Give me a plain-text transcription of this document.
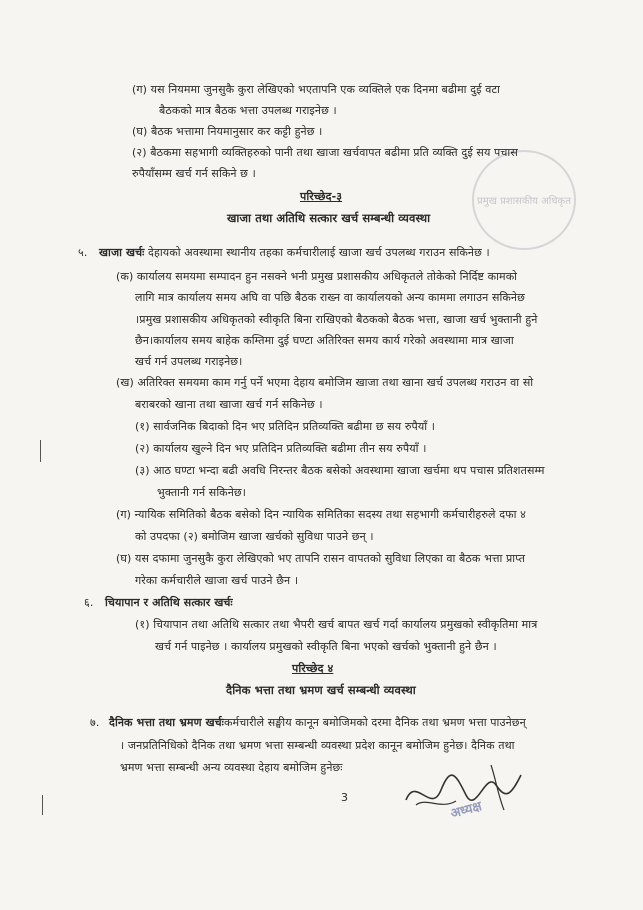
प्रमुख प्रशासकीय अधिकृत
(ग) यस नियममा जुनसुकै कुरा लेखिएको भएतापनि एक व्यक्तिले एक दिनमा बढीमा दुई वटा
बैठकको मात्र बैठक भत्ता उपलब्ध गराइनेछ ।
(घ) बैठक भत्तामा नियमानुसार कर कट्टी हुनेछ ।
(२) बैठकमा सहभागी व्यक्तिहरुको पानी तथा खाजा खर्चवापत बढीमा प्रति व्यक्ति दुई सय पचास
रुपैयाँसम्म खर्च गर्न सकिने छ ।
परिच्छेद-३
खाजा तथा अतिथि सत्कार खर्च सम्बन्धी व्यवस्था
५. खाजा खर्चः देहायको अवस्थामा स्थानीय तहका कर्मचारीलाई खाजा खर्च उपलब्ध गराउन सकिनेछ ।
(क) कार्यालय समयमा सम्पादन हुन नसक्ने भनी प्रमुख प्रशासकीय अधिकृतले तोकेको निर्दिष्ट कामको
लागि मात्र कार्यालय समय अघि वा पछि बैठक राख्न वा कार्यालयको अन्य काममा लगाउन सकिनेछ
।प्रमुख प्रशासकीय अधिकृतको स्वीकृति बिना राखिएको बैठकको बैठक भत्ता, खाजा खर्च भुक्तानी हुने
छैन।कार्यालय समय बाहेक कम्तिमा दुई घण्टा अतिरिक्त समय कार्य गरेको अवस्थामा मात्र खाजा
खर्च गर्न उपलब्ध गराइनेछ।
(ख) अतिरिक्त समयमा काम गर्नु पर्ने भएमा देहाय बमोजिम खाजा तथा खाना खर्च उपलब्ध गराउन वा सो
बराबरको खाना तथा खाजा खर्च गर्न सकिनेछ ।
(१) सार्वजनिक बिदाको दिन भए प्रतिदिन प्रतिव्यक्ति बढीमा छ सय रुपैयाँ ।
(२) कार्यालय खुल्ने दिन भए प्रतिदिन प्रतिव्यक्ति बढीमा तीन सय रुपैयाँ ।
(३) आठ घण्टा भन्दा बढी अवधि निरन्तर बैठक बसेको अवस्थामा खाजा खर्चमा थप पचास प्रतिशतसम्म
भुक्तानी गर्न सकिनेछ।
(ग) न्यायिक समितिको बैठक बसेको दिन न्यायिक समितिका सदस्य तथा सहभागी कर्मचारीहरुले दफा ४
को उपदफा (२) बमोजिम खाजा खर्चको सुविधा पाउने छन् ।
(घ) यस दफामा जुनसुकै कुरा लेखिएको भए तापनि रासन वापतको सुविधा लिएका वा बैठक भत्ता प्राप्त
गरेका कर्मचारीले खाजा खर्च पाउने छैन ।
६. चियापान र अतिथि सत्कार खर्चः
(१) चियापान तथा अतिथि सत्कार तथा भैपरी खर्च बापत खर्च गर्दा कार्यालय प्रमुखको स्वीकृतिमा मात्र
खर्च गर्न पाइनेछ । कार्यालय प्रमुखको स्वीकृति बिना भएको खर्चको भुक्तानी हुने छैन ।
परिच्छेद ४
दैनिक भत्ता तथा भ्रमण खर्च सम्बन्धी व्यवस्था
७. दैनिक भत्ता तथा भ्रमण खर्चःकर्मचारीले सङ्घीय कानून बमोजिमको दरमा दैनिक तथा भ्रमण भत्ता पाउनेछन्
। जनप्रतिनिधिको दैनिक तथा भ्रमण भत्ता सम्बन्धी व्यवस्था प्रदेश कानून बमोजिम हुनेछ। दैनिक तथा
भ्रमण भत्ता सम्बन्धी अन्य व्यवस्था देहाय बमोजिम हुनेछः
3
अध्यक्ष
